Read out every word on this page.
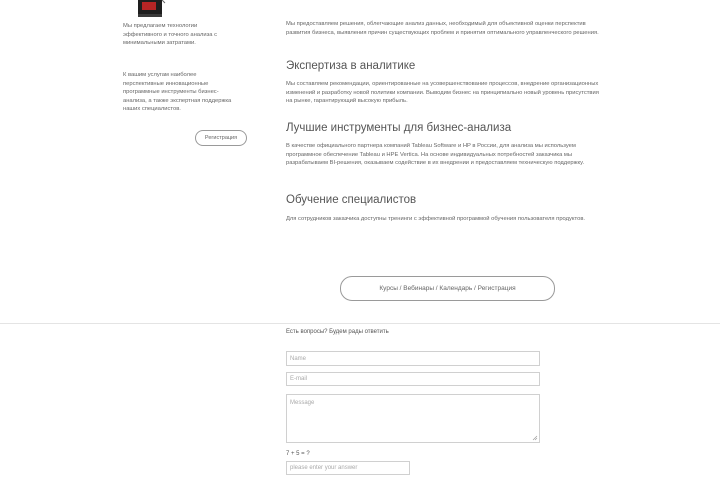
Мы предлагаем технологии эффективного и точного анализа с минимальными затратами.
К вашим услугам наиболее перспективные инновационные программные инструменты бизнес-анализа, а также экспертная поддержка наших специалистов.
Регистрация
Мы предоставляем решения, облегчающие анализ данных, необходимый для объективной оценки перспектив развития бизнеса, выявления причин существующих проблем и принятия оптимального управленческого решения.
Экспертиза в аналитике
Мы составляем рекомендации, ориентированные на усовершенствование процессов, внедрение организационных изменений и разработку новой политики компании. Выводим бизнес на принципиально новый уровень присутствия на рынке, гарантирующий высокую прибыль.
Лучшие инструменты для бизнес-анализа
В качестве официального партнера компаний Tableau Software и HP в России, для анализа мы используем программное обеспечение Tableau и HPE Vertica. На основе индивидуальных потребностей заказчика мы разрабатываем BI-решения, оказываем содействие в их внедрении и предоставляем техническую поддержку.
Обучение специалистов
Для сотрудников заказчика доступны тренинги с эффективной программой обучения пользователя продуктов.
Курсы / Вебинары / Календарь / Регистрация
Есть вопросы? Будем рады ответить
Name
E-mail
Message
7 + 5 = ?
please enter your answer
